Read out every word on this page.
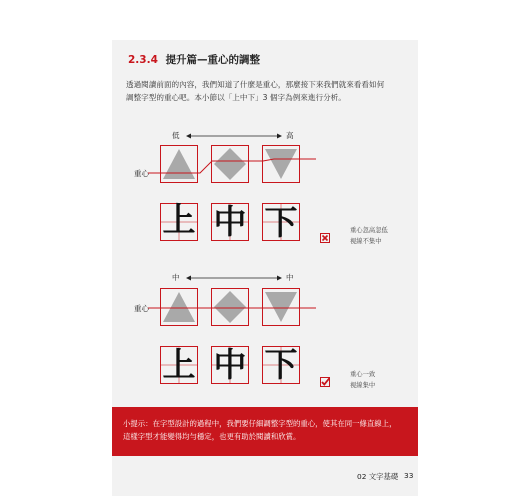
2.3.4 提升篇—重心的調整

透過閱讀前面的內容，我們知道了什麼是重心，那麼接下來我們就來看看如何

調整字型的重心吧。本小節以「上中下」3 個字為例來進行分析。

低	高
重心
上 中 下	重心忽高忽低
視線不集中
中	中
重心
上 中 下	重心一致
視線集中

小提示：在字型設計的過程中，我們要仔細調整字型的重心，使其在同一條直線上，
這樣字型才能變得均勻穩定，也更有助於閱讀和欣賞。

02 文字基礎 33
